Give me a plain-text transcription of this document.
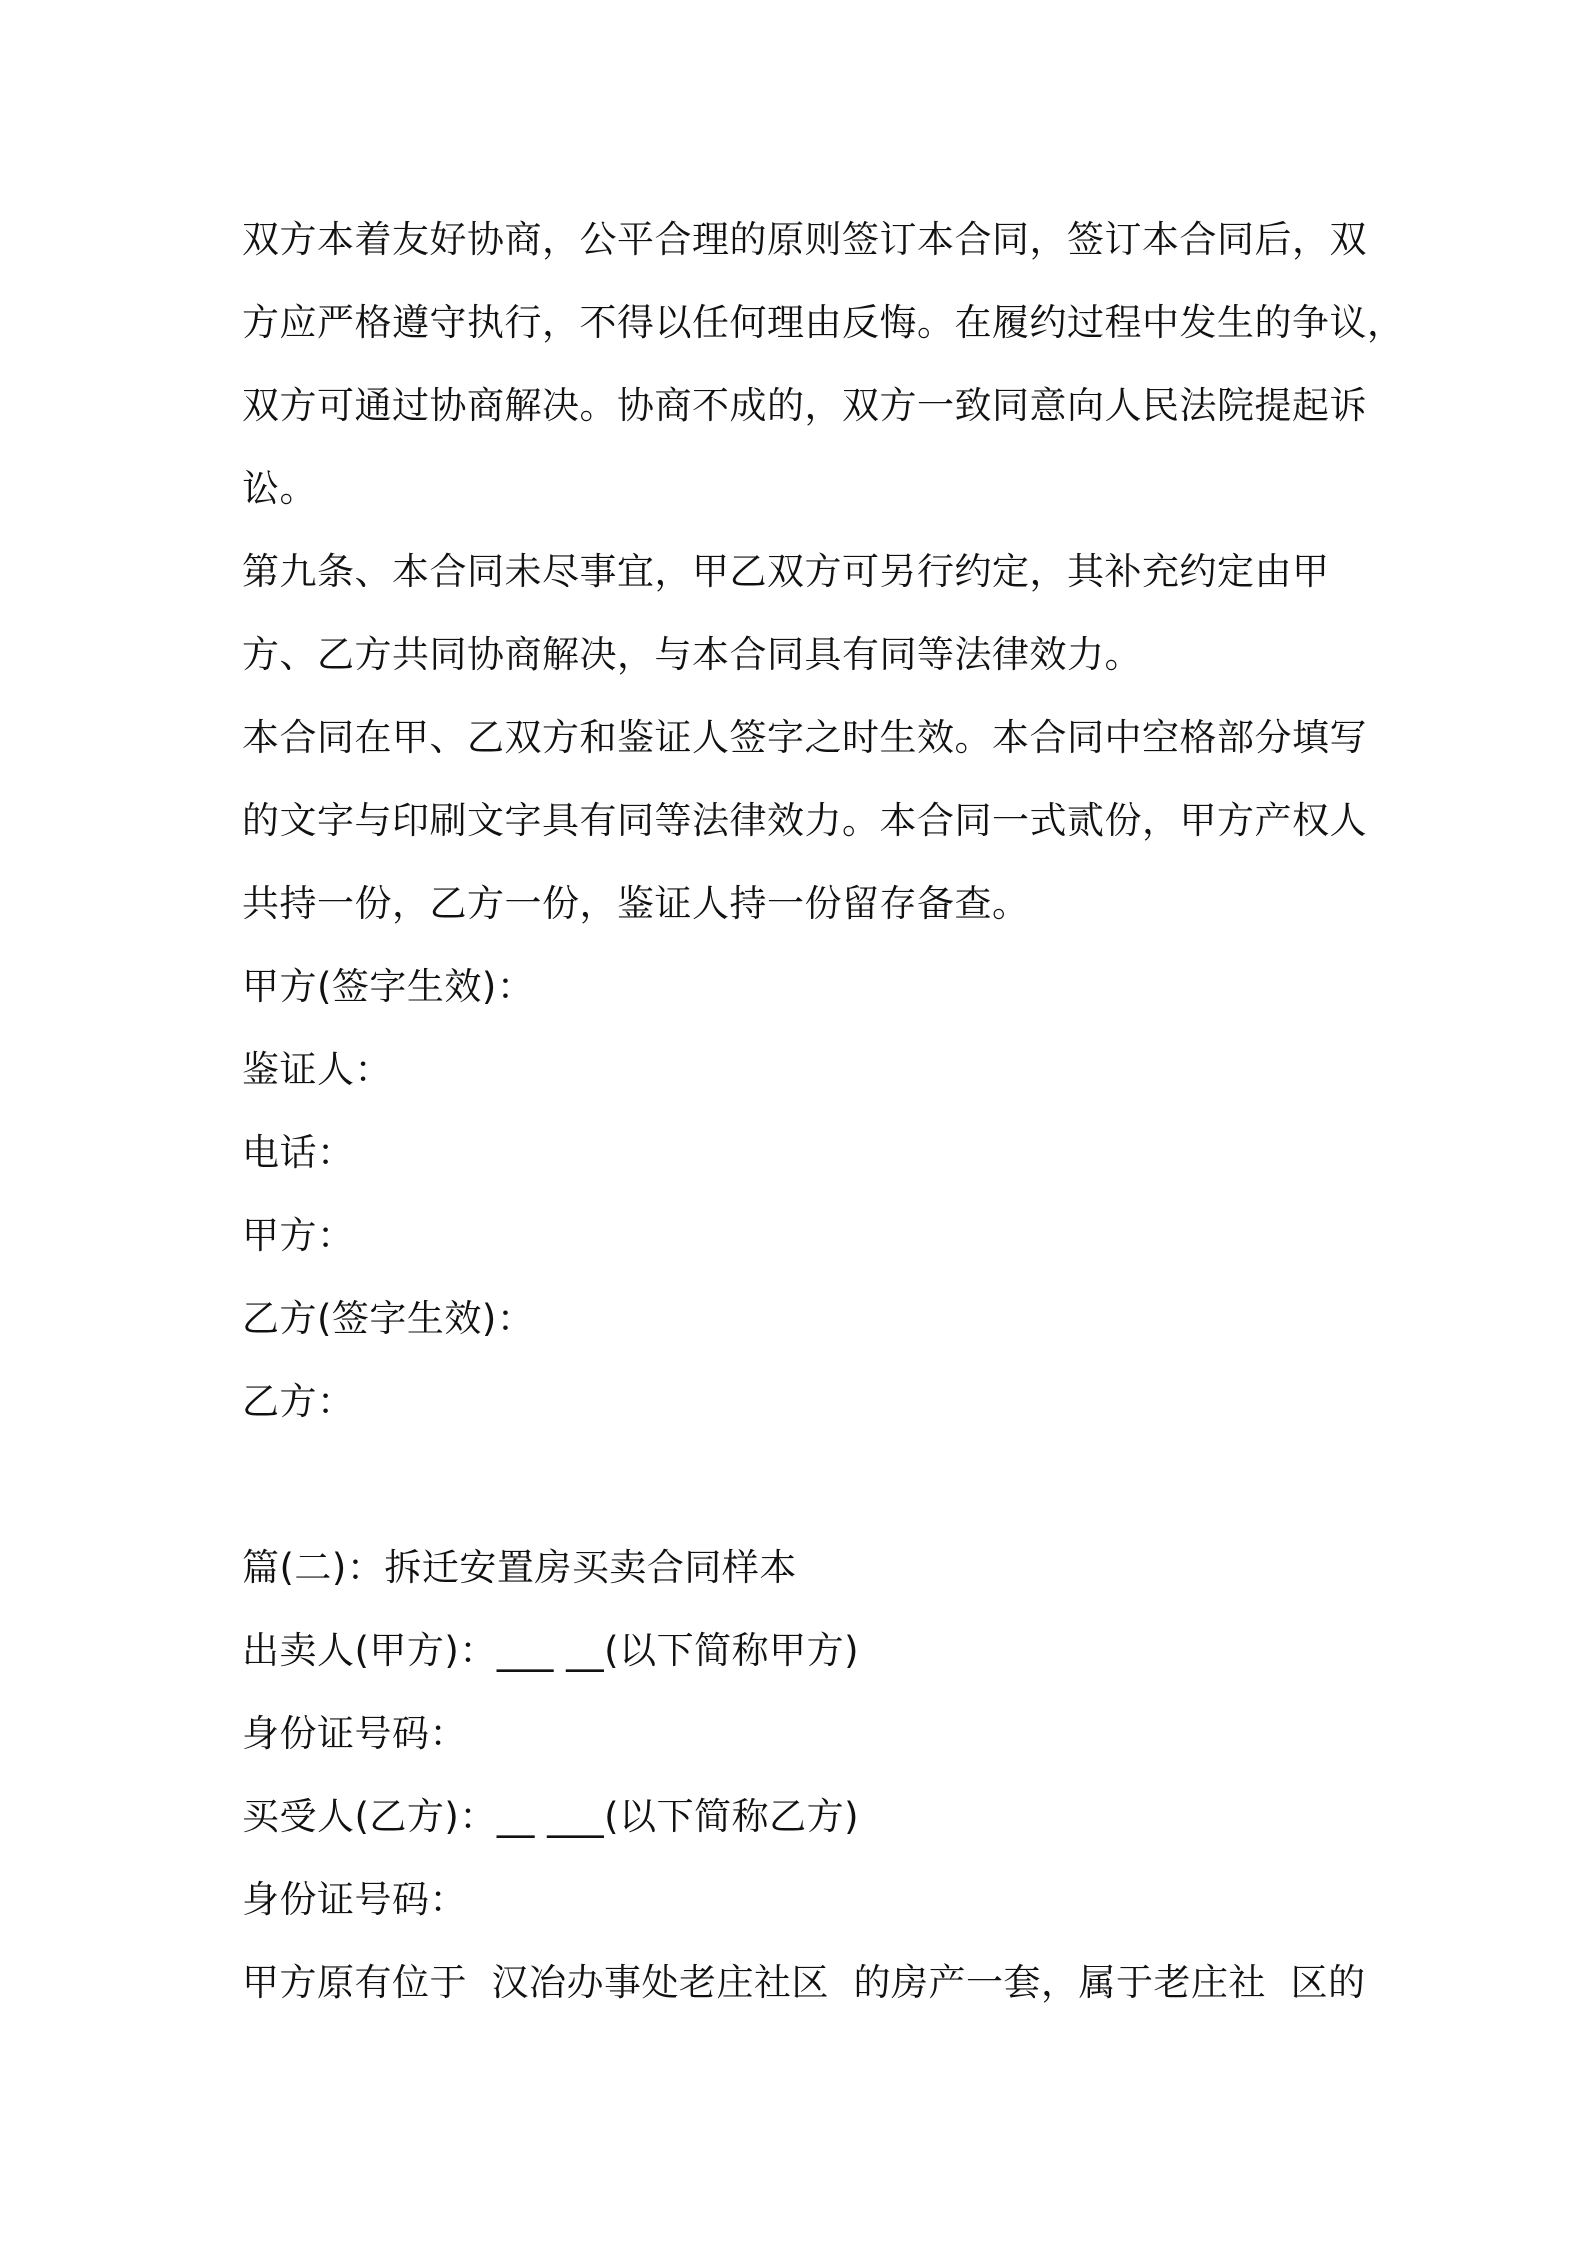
双方本着友好协商，公平合理的原则签订本合同，签订本合同后，双
方应严格遵守执行，不得以任何理由反悔。在履约过程中发生的争议，
双方可通过协商解决。协商不成的，双方一致同意向人民法院提起诉
讼。
第九条、本合同未尽事宜，甲乙双方可另行约定，其补充约定由甲
方、乙方共同协商解决，与本合同具有同等法律效力。
本合同在甲、乙双方和鉴证人签字之时生效。本合同中空格部分填写
的文字与印刷文字具有同等法律效力。本合同一式贰份，甲方产权人
共持一份，乙方一份，鉴证人持一份留存备查。
甲方(签字生效)：
鉴证人：
电话：
甲方：
乙方(签字生效)：
乙方：
篇(二)：拆迁安置房买卖合同样本
出卖人(甲方)：___ __(以下简称甲方)
身份证号码：
买受人(乙方)：__ ___(以下简称乙方)
身份证号码：
甲方原有位于  汉冶办事处老庄社区  的房产一套，属于老庄社  区的
